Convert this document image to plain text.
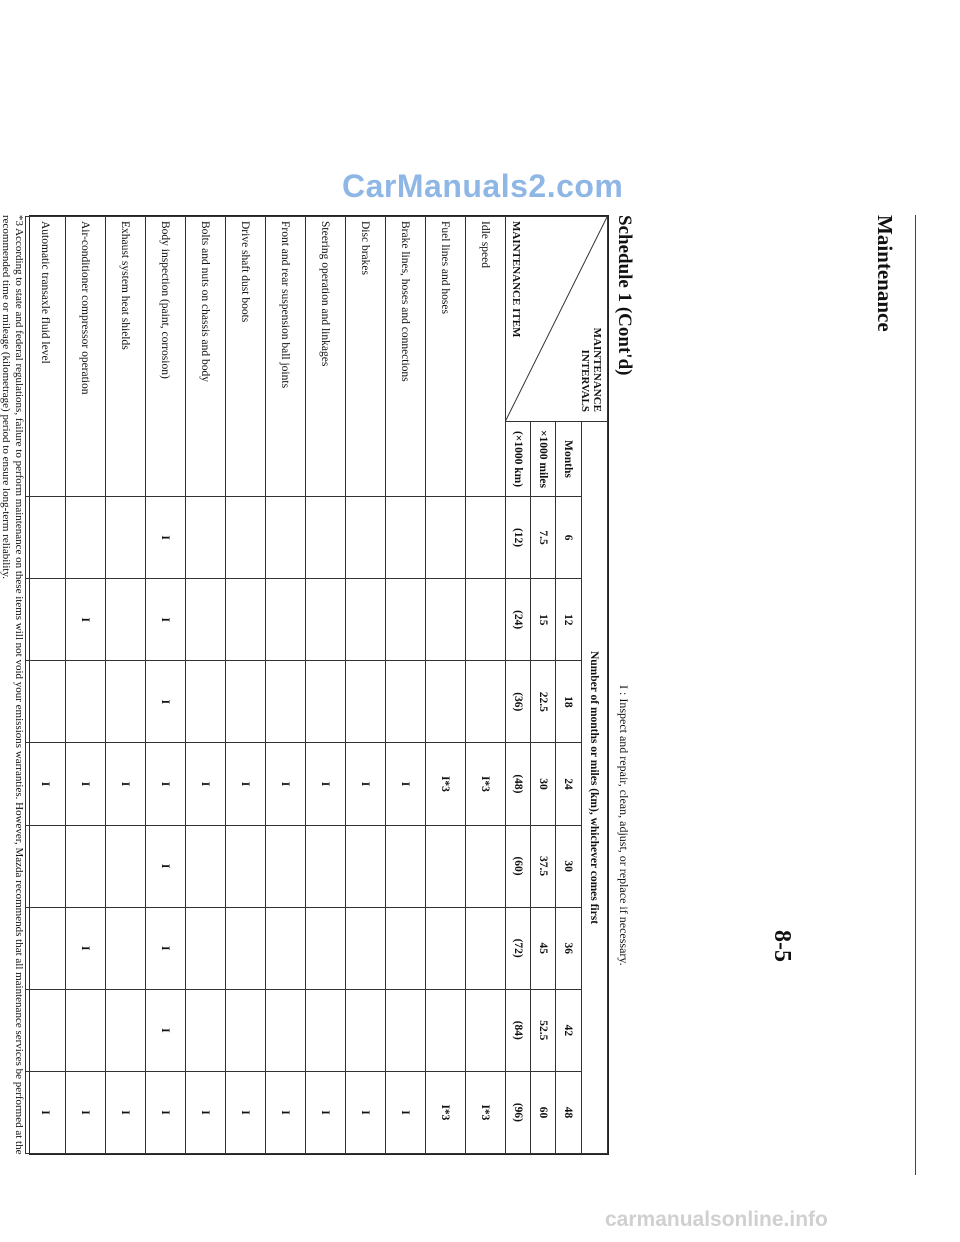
CarManuals2.com
Maintenance
Schedule 1 (Cont'd)
I : Inspect and repair, clean, adjust, or replace if necessary.
MAINTENANCE
INTERVALS
MAINTENANCE ITEM	Number of months or miles (km), whichever comes first								
	Months	6	12	18	24	30	36	42	48
	×1000 miles	7.5	15	22.5	30	37.5	45	52.5	60
	(×1000 km)	(12)	(24)	(36)	(48)	(60)	(72)	(84)	(96)
Idle speed					I*3				I*3
Fuel lines and hoses					I*3				I*3
Brake lines, hoses and connections					I				I
Disc brakes					I				I
Steering operation and linkages					I				I
Front and rear suspension ball joints					I				I
Drive shaft dust boots					I				I
Bolts and nuts on chassis and body					I				I
Body inspection (paint, corrosion)		I	I	I	I	I	I	I	I
Exhaust system heat shields					I				I
Air-conditioner compressor operation			I		I		I		I
Automatic transaxle fluid level					I				I
*3 According to state and federal regulations, failure to perform maintenance on these items will not void your emissions warranties. However, Mazda recommends that all maintenance services be performed at the recommended time or mileage (kilometrage) period to ensure long-term reliability.
8-5
carmanualsonline.info
